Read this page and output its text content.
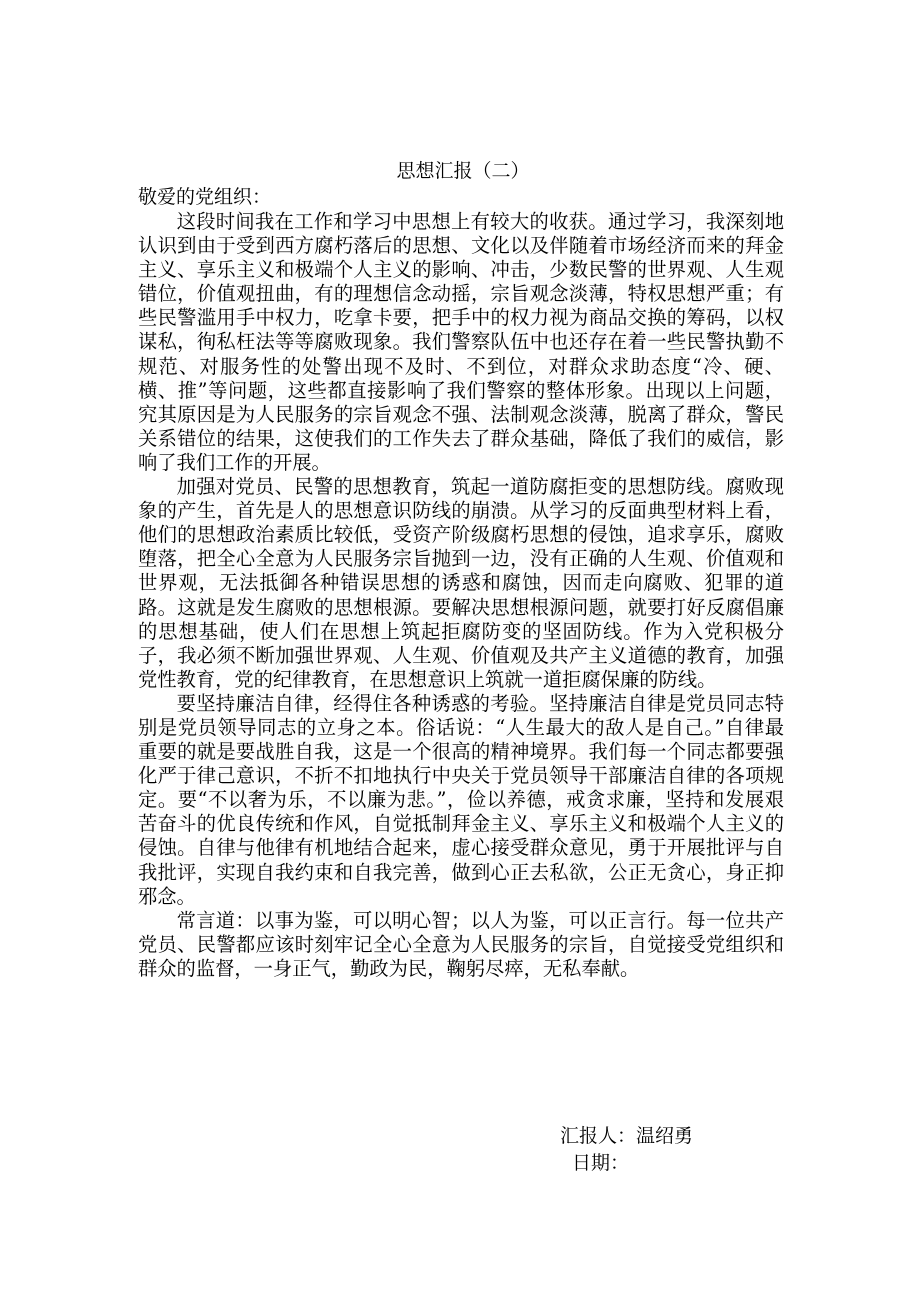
思想汇报（二）

敬爱的党组织：

这段时间我在工作和学习中思想上有较大的收获。通过学习，我深刻地认识到由于受到西方腐朽落后的思想、文化以及伴随着市场经济而来的拜金主义、享乐主义和极端个人主义的影响、冲击，少数民警的世界观、人生观错位，价值观扭曲，有的理想信念动摇，宗旨观念淡薄，特权思想严重；有些民警滥用手中权力，吃拿卡要，把手中的权力视为商品交换的筹码，以权谋私，徇私枉法等等腐败现象。我们警察队伍中也还存在着一些民警执勤不规范、对服务性的处警出现不及时、不到位，对群众求助态度“冷、硬、横、推”等问题，这些都直接影响了我们警察的整体形象。出现以上问题，究其原因是为人民服务的宗旨观念不强、法制观念淡薄，脱离了群众，警民关系错位的结果，这使我们的工作失去了群众基础，降低了我们的威信，影响了我们工作的开展。

加强对党员、民警的思想教育，筑起一道防腐拒变的思想防线。腐败现象的产生，首先是人的思想意识防线的崩溃。从学习的反面典型材料上看，他们的思想政治素质比较低，受资产阶级腐朽思想的侵蚀，追求享乐，腐败堕落，把全心全意为人民服务宗旨抛到一边，没有正确的人生观、价值观和世界观，无法抵御各种错误思想的诱惑和腐蚀，因而走向腐败、犯罪的道路。这就是发生腐败的思想根源。要解决思想根源问题，就要打好反腐倡廉的思想基础，使人们在思想上筑起拒腐防变的坚固防线。作为入党积极分子，我必须不断加强世界观、人生观、价值观及共产主义道德的教育，加强党性教育，党的纪律教育，在思想意识上筑就一道拒腐保廉的防线。

要坚持廉洁自律，经得住各种诱惑的考验。坚持廉洁自律是党员同志特别是党员领导同志的立身之本。俗话说：“人生最大的敌人是自己。”自律最重要的就是要战胜自我，这是一个很高的精神境界。我们每一个同志都要强化严于律己意识，不折不扣地执行中央关于党员领导干部廉洁自律的各项规定。要“不以奢为乐，不以廉为悲。”，俭以养德，戒贪求廉，坚持和发展艰苦奋斗的优良传统和作风，自觉抵制拜金主义、享乐主义和极端个人主义的侵蚀。自律与他律有机地结合起来，虚心接受群众意见，勇于开展批评与自我批评，实现自我约束和自我完善，做到心正去私欲，公正无贪心，身正抑邪念。

常言道：以事为鉴，可以明心智；以人为鉴，可以正言行。每一位共产党员、民警都应该时刻牢记全心全意为人民服务的宗旨，自觉接受党组织和群众的监督，一身正气，勤政为民，鞠躬尽瘁，无私奉献。

汇报人：温绍勇
日期：
